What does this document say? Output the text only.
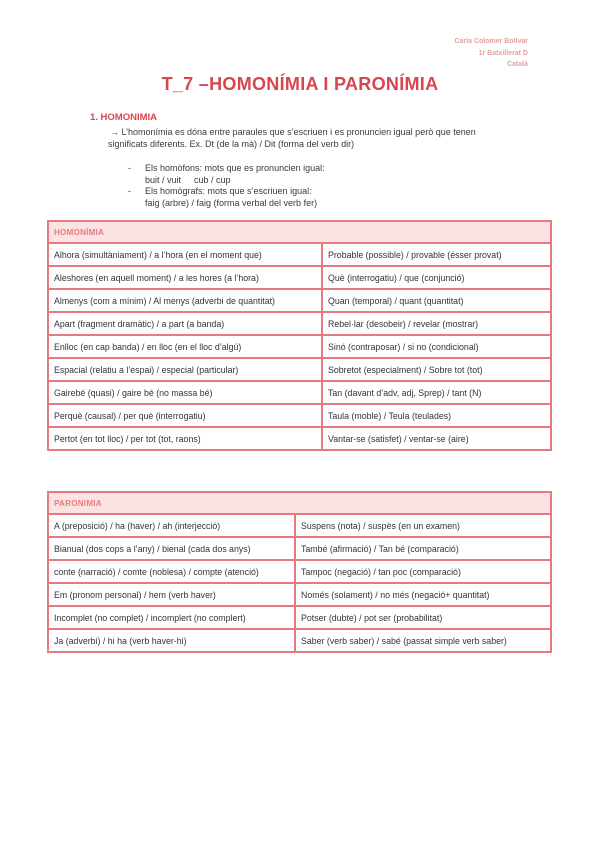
Carla Colomer Bolívar
1r Batxillerat D
Català
T_7 –HOMONÍMIA I PARONÍMIA
1. HOMONIMIA
→ L’homonímia es dóna entre paraules que s’escriuen i es pronuncien igual però que tenen
significats diferents. Ex. Dt (de la mà) / Dit (forma del verb dir)
- Els homòfons: mots que es pronuncien igual:
buit / vuit cub / cup
- Els homògrafs: mots que s’escriuen igual:
faig (arbre) / faig (forma verbal del verb fer)
HOMONÍMIA	
Alhora (simultàniament) / a l’hora (en el moment que)	Probable (possible) / provable (ésser provat)
Aleshores (en aquell moment) / a les hores (a l’hora)	Què (interrogatiu) / que (conjunció)
Almenys (com a mínim) / Al menys (adverbi de quantitat)	Quan (temporal) / quant (quantitat)
Apart (fragment dramàtic) / a part (a banda)	Rebel·lar (desobeir) / revelar (mostrar)
Enlloc (en cap banda) / en lloc (en el lloc d’algú)	Sinó (contraposar) / si no (condicional)
Espacial (relatiu a l’espai) / especial (particular)	Sobretot (especialment) / Sobre tot (tot)
Gairebé (quasi) / gaire bé (no massa bé)	Tan (davant d’adv, adj, Sprep) / tant (N)
Perquè (causal) / per què (interrogatiu)	Taula (moble) / Teula (teulades)
Pertot (en tot lloc) / per tot (tot, raons)	Vantar-se (satisfet) / ventar-se (aire)
PARONIMIA	
A (preposició) / ha (haver) / ah (interjecció)	Suspens (nota) / suspès (en un examen)
Bianual (dos cops a l’any) / bienal (cada dos anys)	També (afirmació) / Tan bé (comparació)
conte (narració) / comte (noblesa) / compte (atenció)	Tampoc (negació) / tan poc (comparació)
Em (pronom personal) / hem (verb haver)	Només (solament) / no més (negació+ quantitat)
Incomplet (no complet) / incomplert (no complert)	Potser (dubte) / pot ser (probabilitat)
Ja (adverbi) / hi ha (verb haver-hi)	Saber (verb saber) / sabé (passat simple verb saber)
